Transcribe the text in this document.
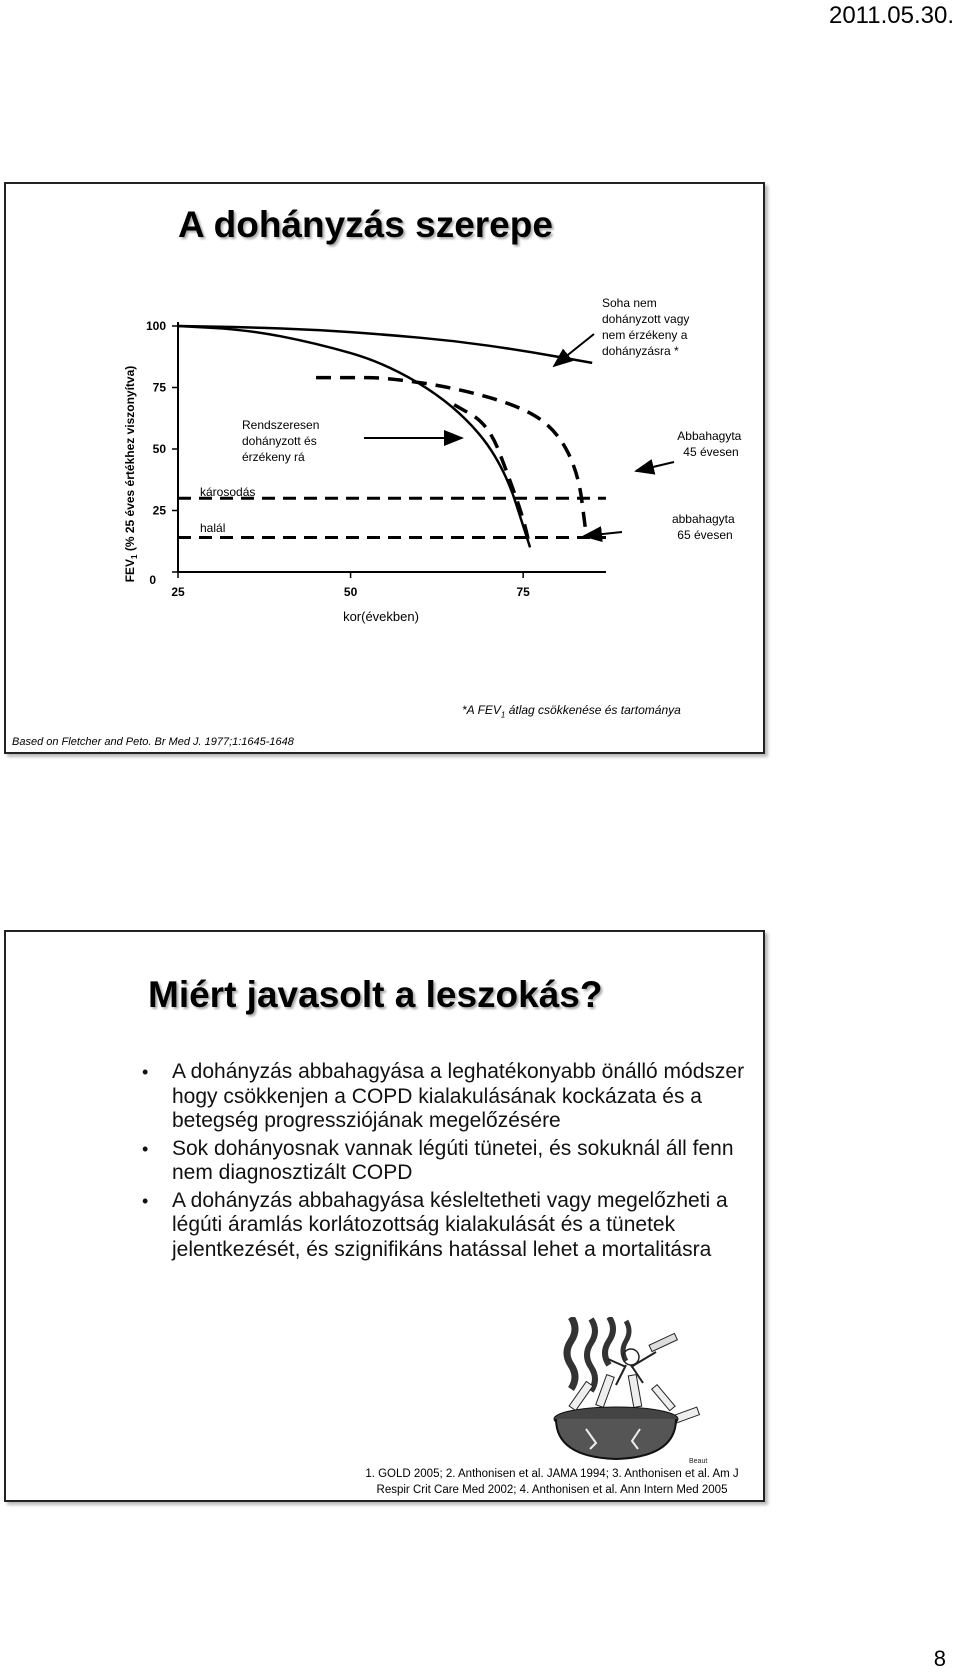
2011.05.30.
A dohányzás szerepe
$FEV_1$ (% 25 éves értékhez viszonyítva)
0
25
50
75
100
25	50	75
Soha nem dohányzott vagy nem érzékeny a dohányzásra *
Rendszeresen dohányzott és érzékeny rá
Abbahagyta 45 évesen
abbahagyta 65 évesen
károsodás
halál
kor(években)
*A $FEV_1$ átlag csökkenése és tartománya
Based on Fletcher and Peto. Br Med J. 1977;1:1645-1648
Miért javasolt a leszokás?
• A dohányzás abbahagyása a leghatékonyabb önálló módszer hogy csökkenjen a COPD kialakulásának kockázata és a betegség progressziójának megelőzésére
• Sok dohányosnak vannak légúti tünetei, és sokuknál áll fenn nem diagnosztizált COPD
• A dohányzás abbahagyása késleltetheti vagy megelőzheti a légúti áramlás korlátozottság kialakulását és a tünetek jelentkezését, és szignifikáns hatással lehet a mortalitásra
Beaut
1. GOLD 2005; 2. Anthonisen et al. JAMA 1994; 3. Anthonisen et al. Am J
Respir Crit Care Med 2002; 4. Anthonisen et al. Ann Intern Med 2005
8
